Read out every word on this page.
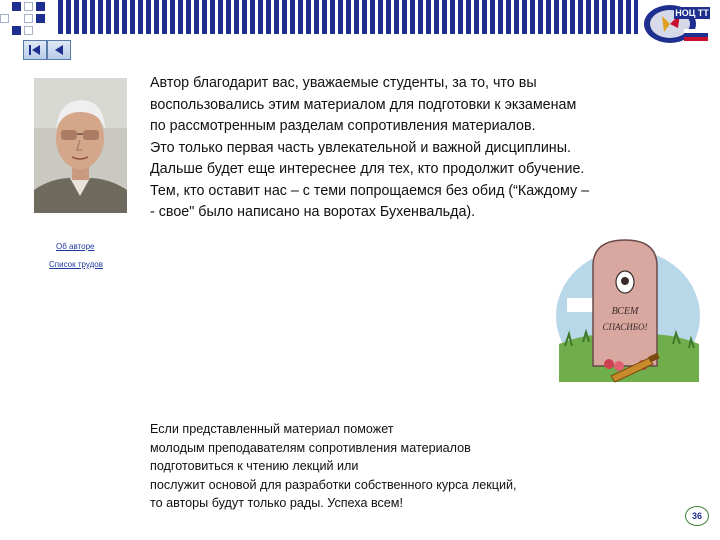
НОЦ ТТ
Об авторе
Список трудов
Автор благодарит вас, уважаемые студенты, за то, что вы
воспользовались этим материалом для подготовки к экзаменам
по рассмотренным разделам сопротивления материалов.
Это только первая часть увлекательной и важной дисциплины.
Дальше будет еще интереснее для тех, кто продолжит обучение.
Тем, кто оставит нас – с теми попрощаемся без обид (“Каждому –
- свое" было написано на воротах Бухенвальда).
ВСЕМ
СПАСИБО!
Если представленный материал поможет
молодым преподавателям сопротивления материалов
подготовиться к чтению лекций или
послужит основой для разработки собственного курса лекций,
то авторы будут только рады. Успеха всем!
36
